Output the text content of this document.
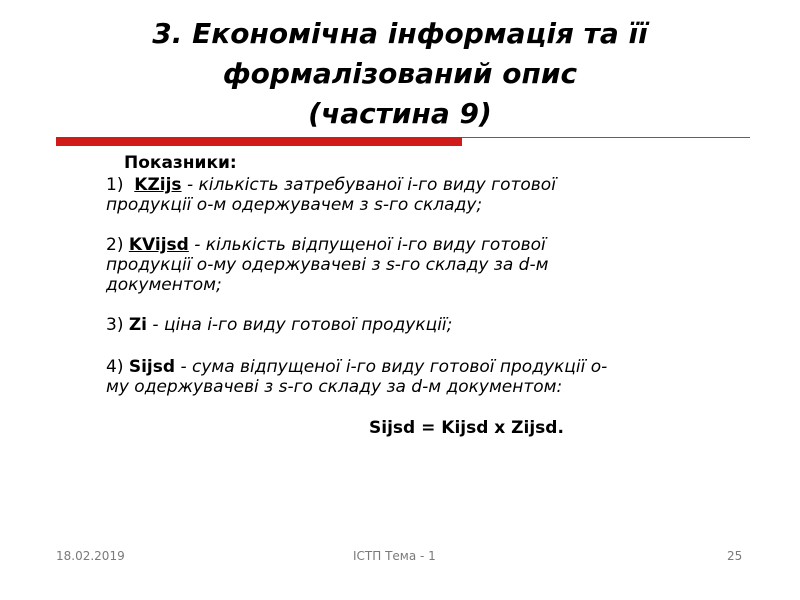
3. Економічна інформація та її
формалізований опис
(частина 9)
Показники:
1) KZijs - кількість затребуваної і-го виду готової
продукції о-м одержувачем з s-го складу;
2) KVijsd - кількість відпущеної і-го виду готової
продукції о-му одержувачеві з s-го складу за d-м
документом;
3) Zi - ціна і-го виду готової продукції;
4) Sijsd - сума відпущеної і-го виду готової продукції о-
му одержувачеві з s-го складу за d-м документом:
Sijsd = Kijsd x Zijsd.
18.02.2019	ІСТП Тема - 1	25
